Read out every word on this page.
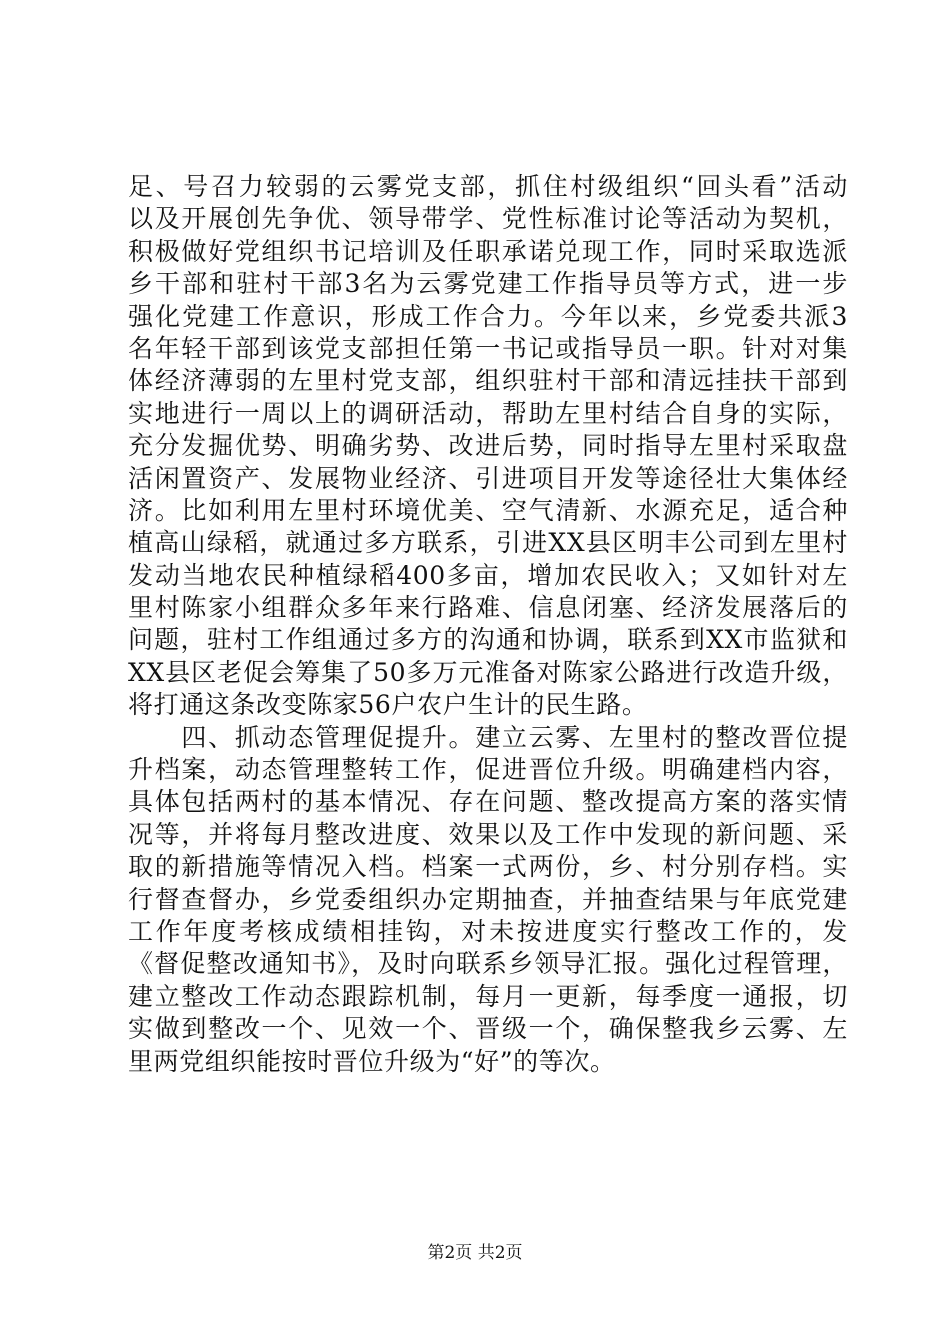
足、号召力较弱的云雾党支部，抓住村级组织“回头看”活动
以及开展创先争优、领导带学、党性标准讨论等活动为契机，
积极做好党组织书记培训及任职承诺兑现工作，同时采取选派
乡干部和驻村干部3名为云雾党建工作指导员等方式，进一步
强化党建工作意识，形成工作合力。今年以来，乡党委共派3
名年轻干部到该党支部担任第一书记或指导员一职。针对对集
体经济薄弱的左里村党支部，组织驻村干部和清远挂扶干部到
实地进行一周以上的调研活动，帮助左里村结合自身的实际，
充分发掘优势、明确劣势、改进后势，同时指导左里村采取盘
活闲置资产、发展物业经济、引进项目开发等途径壮大集体经
济。比如利用左里村环境优美、空气清新、水源充足，适合种
植高山绿稻，就通过多方联系，引进XX县区明丰公司到左里村
发动当地农民种植绿稻400多亩，增加农民收入；又如针对左
里村陈家小组群众多年来行路难、信息闭塞、经济发展落后的
问题，驻村工作组通过多方的沟通和协调，联系到XX市监狱和
XX县区老促会筹集了50多万元准备对陈家公路进行改造升级，
将打通这条改变陈家56户农户生计的民生路。
　　四、抓动态管理促提升。建立云雾、左里村的整改晋位提
升档案，动态管理整转工作，促进晋位升级。明确建档内容，
具体包括两村的基本情况、存在问题、整改提高方案的落实情
况等，并将每月整改进度、效果以及工作中发现的新问题、采
取的新措施等情况入档。档案一式两份，乡、村分别存档。实
行督查督办，乡党委组织办定期抽查，并抽查结果与年底党建
工作年度考核成绩相挂钩，对未按进度实行整改工作的，发
《督促整改通知书》，及时向联系乡领导汇报。强化过程管理，
建立整改工作动态跟踪机制，每月一更新，每季度一通报，切
实做到整改一个、见效一个、晋级一个，确保整我乡云雾、左
里两党组织能按时晋位升级为“好”的等次。
第2页 共2页
